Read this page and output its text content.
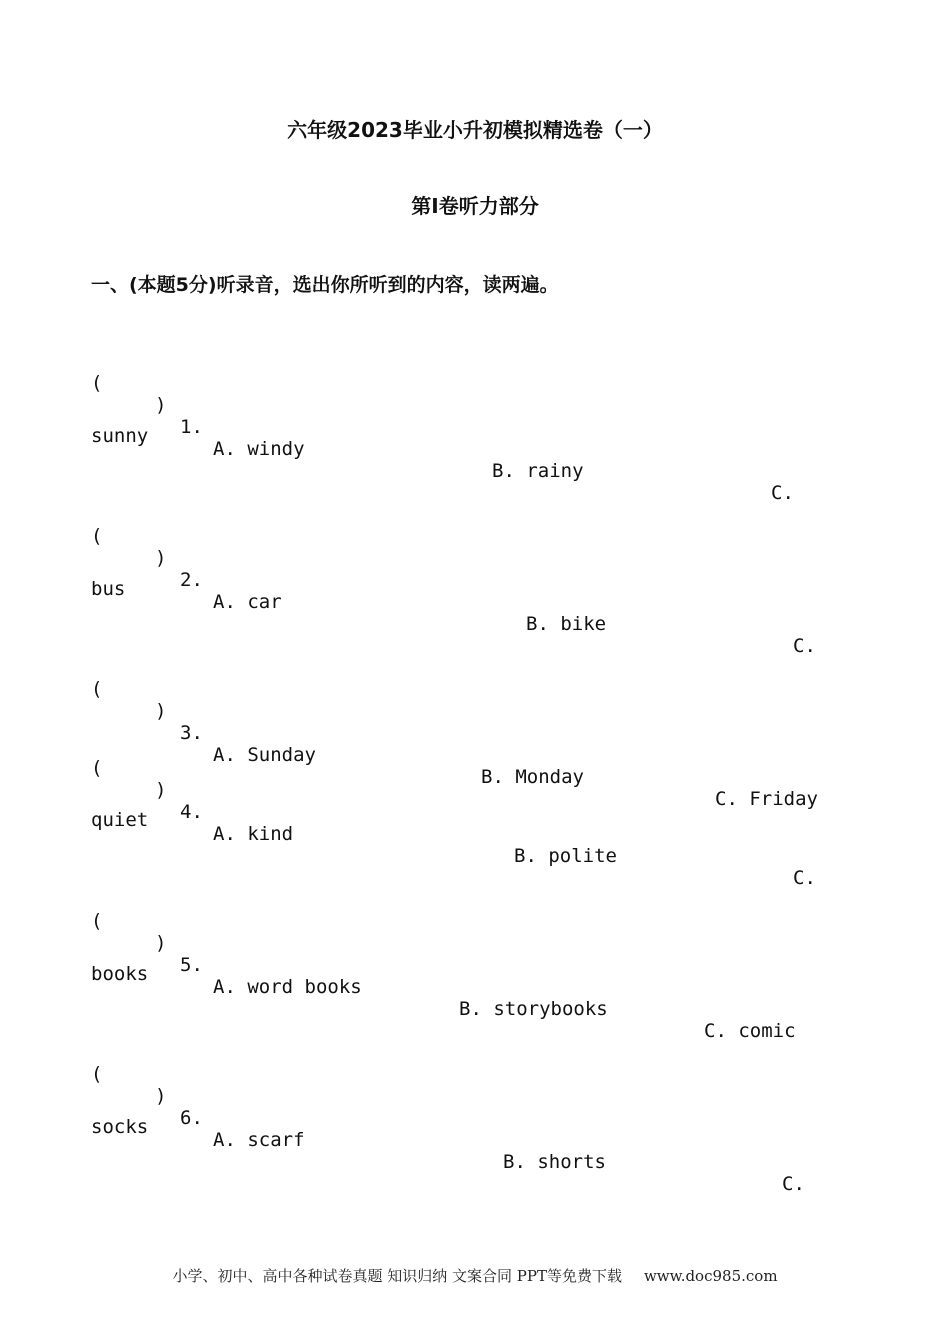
六年级2023毕业小升初模拟精选卷（一）
第Ⅰ卷听力部分
一、(本题5分)听录音，选出你所听到的内容，读两遍。

(

)

1.

A. windy

B. rainy

C.

sunny

(

)

2.

A. car

B. bike

C.

bus

(

)

3.

A. Sunday

B. Monday

C. Friday

(

)

4.

A. kind

B. polite

C.

quiet

(

)

5.

A. word books

B. storybooks

C. comic

books

(

)

6.

A. scarf

B. shorts

C.

socks
小学、初中、高中各种试卷真题 知识归纳 文案合同 PPT等免费下载 www.doc985.com
